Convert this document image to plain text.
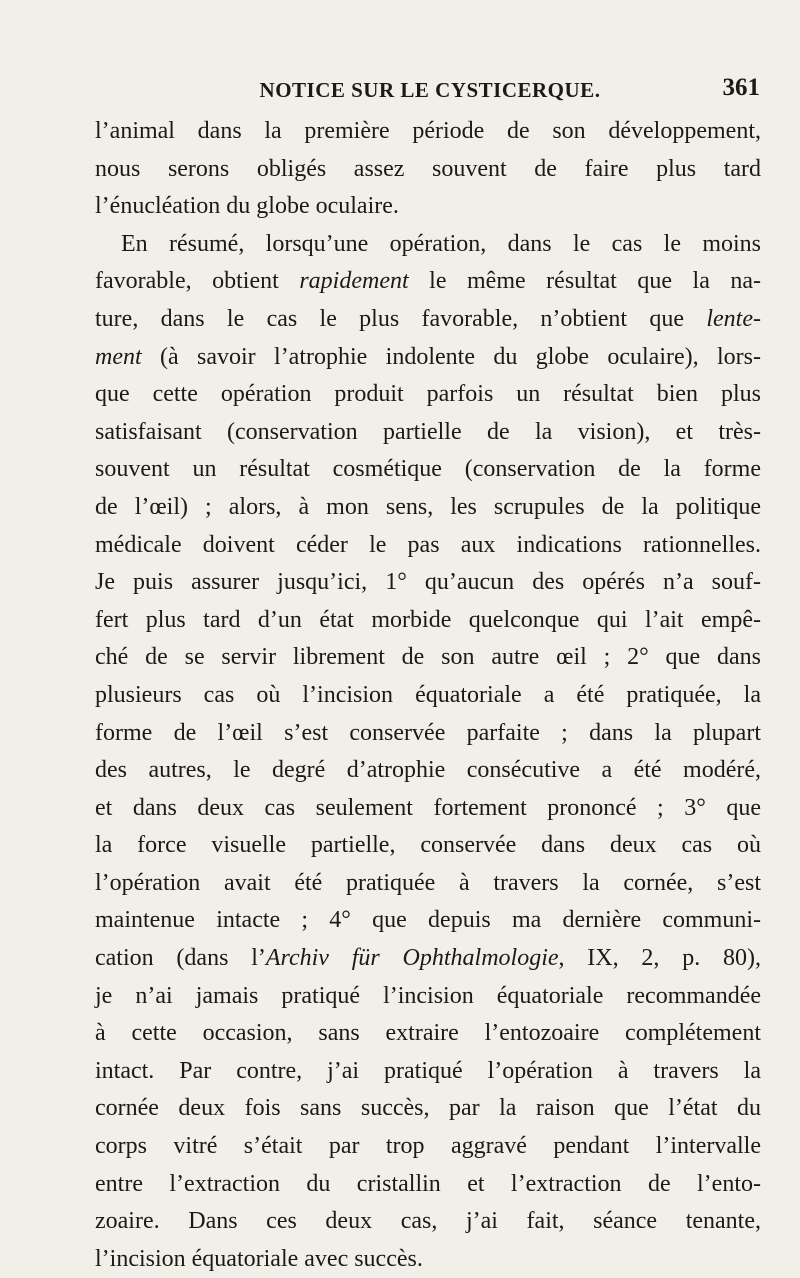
NOTICE SUR LE CYSTICERQUE.	361
l’animal dans la première période de son développement,
nous serons obligés assez souvent de faire plus tard
l’énucléation du globe oculaire.
En résumé, lorsqu’une opération, dans le cas le moins
favorable, obtient rapidement le même résultat que la na-
ture, dans le cas le plus favorable, n’obtient que lente-
ment (à savoir l’atrophie indolente du globe oculaire), lors-
que cette opération produit parfois un résultat bien plus
satisfaisant (conservation partielle de la vision), et très-
souvent un résultat cosmétique (conservation de la forme
de l’œil) ; alors, à mon sens, les scrupules de la politique
médicale doivent céder le pas aux indications rationnelles.
Je puis assurer jusqu’ici, 1° qu’aucun des opérés n’a souf-
fert plus tard d’un état morbide quelconque qui l’ait empê-
ché de se servir librement de son autre œil ; 2° que dans
plusieurs cas où l’incision équatoriale a été pratiquée, la
forme de l’œil s’est conservée parfaite ; dans la plupart
des autres, le degré d’atrophie consécutive a été modéré,
et dans deux cas seulement fortement prononcé ; 3° que
la force visuelle partielle, conservée dans deux cas où
l’opération avait été pratiquée à travers la cornée, s’est
maintenue intacte ; 4° que depuis ma dernière communi-
cation (dans l’Archiv für Ophthalmologie, IX, 2, p. 80),
je n’ai jamais pratiqué l’incision équatoriale recommandée
à cette occasion, sans extraire l’entozoaire complétement
intact. Par contre, j’ai pratiqué l’opération à travers la
cornée deux fois sans succès, par la raison que l’état du
corps vitré s’était par trop aggravé pendant l’intervalle
entre l’extraction du cristallin et l’extraction de l’ento-
zoaire. Dans ces deux cas, j’ai fait, séance tenante,
l’incision équatoriale avec succès.
